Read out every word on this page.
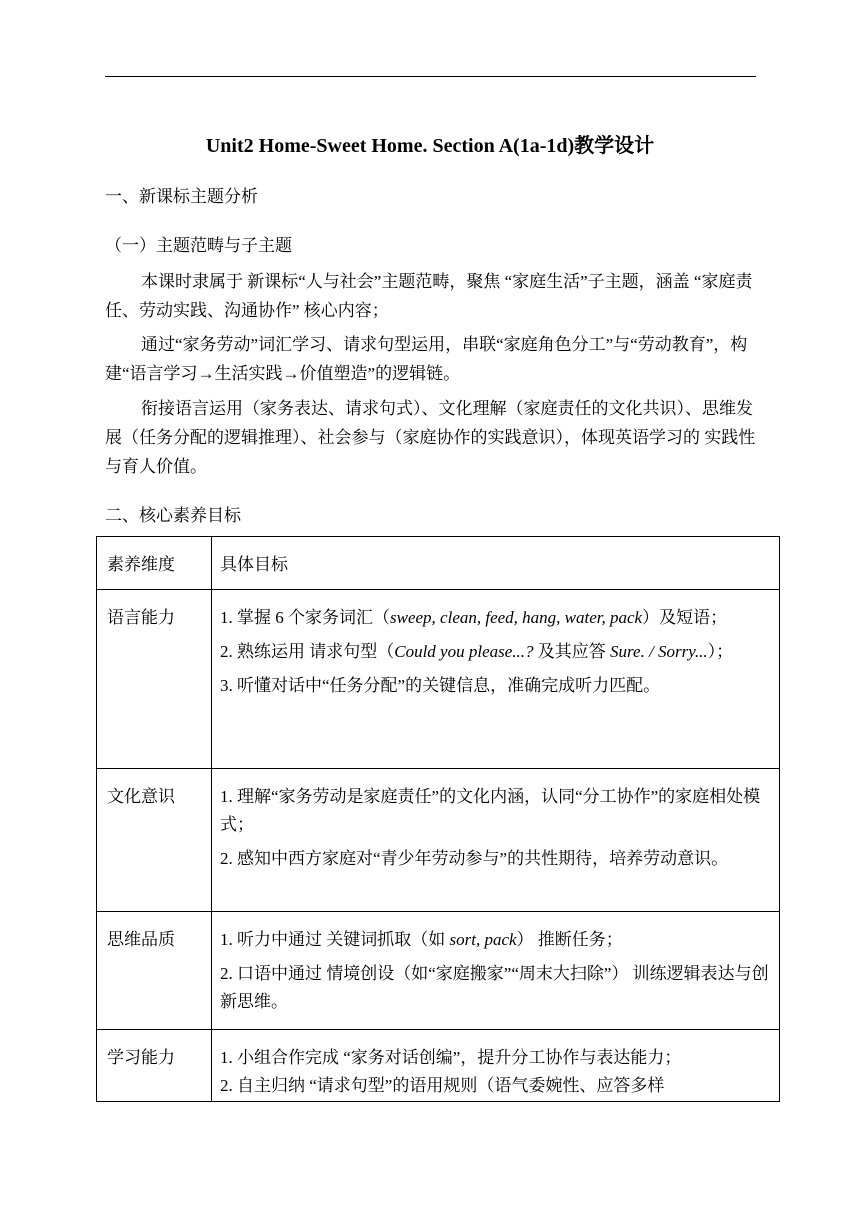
Unit2 Home-Sweet Home. Section A(1a-1d)教学设计
一、新课标主题分析
（一）主题范畴与子主题

本课时隶属于 新课标“人与社会”主题范畴，聚焦 “家庭生活”子主题，涵盖 “家庭责任、劳动实践、沟通协作” 核心内容；

通过“家务劳动”词汇学习、请求句型运用，串联“家庭角色分工”与“劳动教育”，构建“语言学习→生活实践→价值塑造”的逻辑链。

衔接语言运用（家务表达、请求句式）、文化理解（家庭责任的文化共识）、思维发展（任务分配的逻辑推理）、社会参与（家庭协作的实践意识），体现英语学习的 实践性与育人价值。

二、核心素养目标
素养维度	具体目标

语言能力	1. 掌握 6 个家务词汇（sweep, clean, feed, hang, water, pack）及短语；
2. 熟练运用 请求句型（Could you please...? 及其应答 Sure. / Sorry...）；
3. 听懂对话中“任务分配”的关键信息，准确完成听力匹配。

文化意识	1. 理解“家务劳动是家庭责任”的文化内涵，认同“分工协作”的家庭相处模式；
2. 感知中西方家庭对“青少年劳动参与”的共性期待，培养劳动意识。

思维品质	1. 听力中通过 关键词抓取（如 sort, pack） 推断任务；
2. 口语中通过 情境创设（如“家庭搬家”“周末大扫除”） 训练逻辑表达与创新思维。

学习能力	1. 小组合作完成 “家务对话创编”，提升分工协作与表达能力；
2. 自主归纳 “请求句型”的语用规则（语气委婉性、应答多样
